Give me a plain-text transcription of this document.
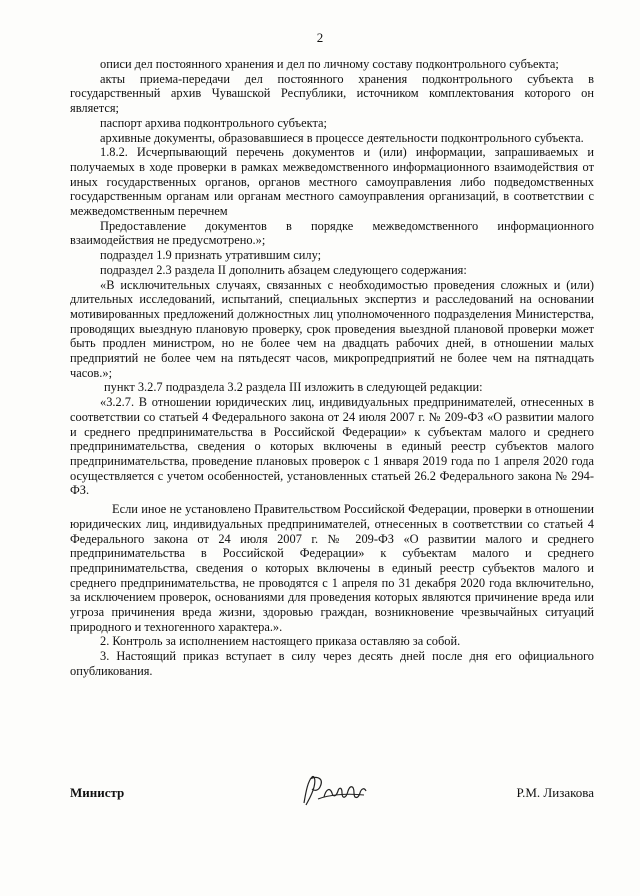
2

описи дел постоянного хранения и дел по личному составу подконтрольного субъекта;

акты приема-передачи дел постоянного хранения подконтрольного субъекта в государственный архив Чувашской Республики, источником комплектования которого он является;

паспорт архива подконтрольного субъекта;

архивные документы, образовавшиеся в процессе деятельности подконтрольного субъекта.

1.8.2. Исчерпывающий перечень документов и (или) информации, запрашиваемых и получаемых в ходе проверки в рамках межведомственного информационного взаимодействия от иных государственных органов, органов местного самоуправления либо подведомственных государственным органам или органам местного самоуправления организаций, в соответствии с межведомственным перечнем

Предоставление документов в порядке межведомственного информационного взаимодействия не предусмотрено.»;

подраздел 1.9 признать утратившим силу;

подраздел 2.3 раздела II дополнить абзацем следующего содержания:

«В исключительных случаях, связанных с необходимостью проведения сложных и (или) длительных исследований, испытаний, специальных экспертиз и расследований на основании мотивированных предложений должностных лиц уполномоченного подразделения Министерства, проводящих выездную плановую проверку, срок проведения выездной плановой проверки может быть продлен министром, но не более чем на двадцать рабочих дней, в отношении малых предприятий не более чем на пятьдесят часов, микропредприятий не более чем на пятнадцать часов.»;

пункт 3.2.7 подраздела 3.2 раздела III изложить в следующей редакции:

«3.2.7. В отношении юридических лиц, индивидуальных предпринимателей, отнесенных в соответствии со статьей 4 Федерального закона от 24 июля 2007 г. № 209-ФЗ «О развитии малого и среднего предпринимательства в Российской Федерации» к субъектам малого и среднего предпринимательства, сведения о которых включены в единый реестр субъектов малого предпринимательства, проведение плановых проверок с 1 января 2019 года по 1 апреля 2020 года осуществляется с учетом особенностей, установленных статьей 26.2 Федерального закона № 294-ФЗ.

Если иное не установлено Правительством Российской Федерации, проверки в отношении юридических лиц, индивидуальных предпринимателей, отнесенных в соответствии со статьей 4 Федерального закона от 24 июля 2007 г. № 209-ФЗ «О развитии малого и среднего предпринимательства в Российской Федерации» к субъектам малого и среднего предпринимательства, сведения о которых включены в единый реестр субъектов малого и среднего предпринимательства, не проводятся с 1 апреля по 31 декабря 2020 года включительно, за исключением проверок, основаниями для проведения которых являются причинение вреда или угроза причинения вреда жизни, здоровью граждан, возникновение чрезвычайных ситуаций природного и техногенного характера.».

2. Контроль за исполнением настоящего приказа оставляю за собой.

3. Настоящий приказ вступает в силу через десять дней после дня его официального опубликования.

Министр	Р.М. Лизакова
